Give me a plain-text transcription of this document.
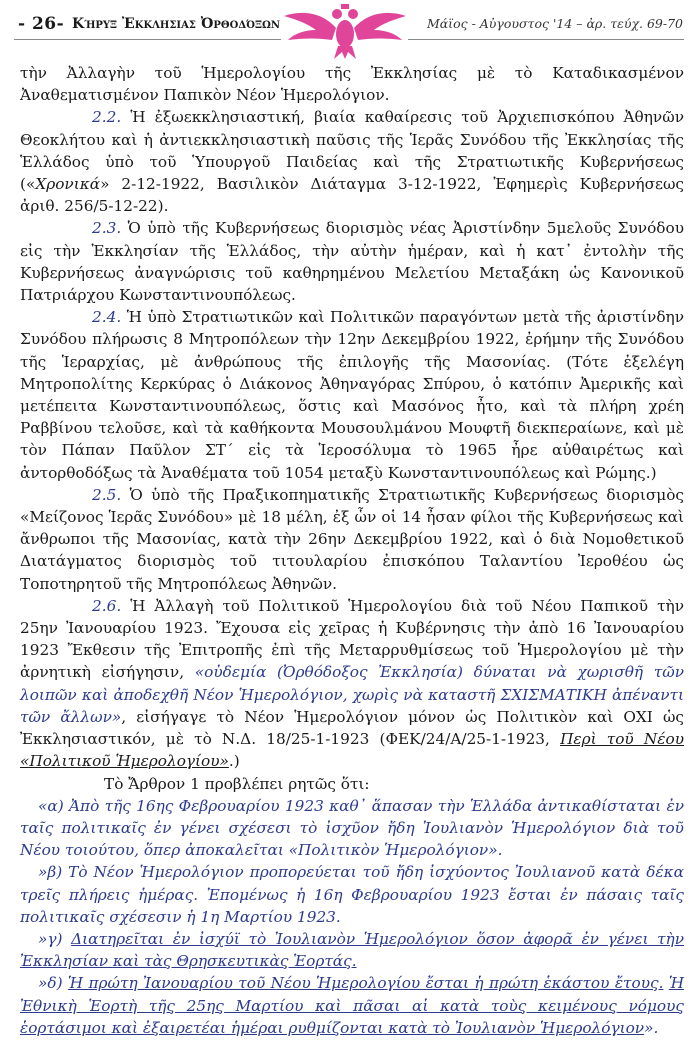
- 26- Κήρυξ Ἐκκλησιας Ὀρθοδόξων	Μάϊος - Αὐγουστος '14 – ἀρ. τεύχ. 69-70

τὴν Ἀλλαγὴν τοῦ Ἡμερολογίου τῆς Ἐκκλησίας μὲ τὸ Καταδικασμένον Ἀναθεματισμένον Παπικὸν Νέον Ἡμερολόγιον.

2.2. Ἡ ἐξωεκκλησιαστική, βιαία καθαίρεσις τοῦ Ἀρχιεπισκόπου Ἀθηνῶν Θεοκλήτου καὶ ἡ ἀντιεκκλησιαστικὴ παῦσις τῆς Ἱερᾶς Συνόδου τῆς Ἐκκλησίας τῆς Ἑλλάδος ὑπὸ τοῦ Ὑπουργοῦ Παιδείας καὶ τῆς Στρατιωτικῆς Κυβερνήσεως («Χρονικά» 2-12-1922, Βασιλικὸν Διάταγμα 3-12-1922, Ἐφημερὶς Κυβερνήσεως ἀριθ. 256/5-12-22).

2.3. Ὁ ὑπὸ τῆς Κυβερνήσεως διορισμὸς νέας Ἀριστίνδην 5μελοῦς Συνόδου εἰς τὴν Ἐκκλησίαν τῆς Ἑλλάδος, τὴν αὐτὴν ἡμέραν, καὶ ἡ κατ᾽ ἐντολὴν τῆς Κυβερνήσεως ἀναγνώρισις τοῦ καθηρημένου Μελετίου Μεταξάκη ὡς Κανονικοῦ Πατριάρχου Κωνσταντινουπόλεως.

2.4. Ἡ ὑπὸ Στρατιωτικῶν καὶ Πολιτικῶν παραγόντων μετὰ τῆς ἀριστίνδην Συνόδου πλήρωσις 8 Μητροπόλεων τὴν 12ην Δεκεμβρίου 1922, ἐρήμην τῆς Συνόδου τῆς Ἱεραρχίας, μὲ ἀνθρώπους τῆς ἐπιλογῆς τῆς Μασονίας. (Τότε ἐξελέγη Μητροπολίτης Κερκύρας ὁ Διάκονος Ἀθηναγόρας Σπύρου, ὁ κατόπιν Ἀμερικῆς καὶ μετέπειτα Κωνσταντινουπόλεως, ὅστις καὶ Μασόνος ἦτο, καὶ τὰ πλήρη χρέη Ραββίνου τελοῦσε, καὶ τὰ καθήκοντα Μουσουλμάνου Μουφτῆ διεκπεραίωνε, καὶ μὲ τὸν Πάπαν Παῦλον ΣΤ´ εἰς τὰ Ἱεροσόλυμα τὸ 1965 ἦρε αὐθαιρέτως καὶ ἀντορθοδόξως τὰ Ἀναθέματα τοῦ 1054 μεταξὺ Κωνσταντινουπόλεως καὶ Ρώμης.)

2.5. Ὁ ὑπὸ τῆς Πραξικοπηματικῆς Στρατιωτικῆς Κυβερνήσεως διορισμὸς «Μείζονος Ἱερᾶς Συνόδου» μὲ 18 μέλη, ἐξ ὧν οἱ 14 ἦσαν φίλοι τῆς Κυβερνήσεως καὶ ἄνθρωποι τῆς Μασονίας, κατὰ τὴν 26ην Δεκεμβρίου 1922, καὶ ὁ διὰ Νομοθετικοῦ Διατάγματος διορισμὸς τοῦ τιτουλαρίου ἐπισκόπου Ταλαντίου Ἰεροθέου ὡς Τοποτηρητοῦ τῆς Μητροπόλεως Ἀθηνῶν.

2.6. Ἡ Ἀλλαγὴ τοῦ Πολιτικοῦ Ἡμερολογίου διὰ τοῦ Νέου Παπικοῦ τὴν 25ην Ἰανουαρίου 1923. Ἔχουσα εἰς χεῖρας ἡ Κυβέρνησις τὴν ἀπὸ 16 Ἰανουαρίου 1923 Ἔκθεσιν τῆς Ἐπιτροπῆς ἐπὶ τῆς Μεταρρυθμίσεως τοῦ Ἡμερολογίου μὲ τὴν ἀρνητικὴ εἰσήγησιν, «οὐδεμία (Ὀρθόδοξος Ἐκκλησία) δύναται νὰ χωρισθῆ τῶν λοιπῶν καὶ ἀποδεχθῆ Νέον Ἡμερολόγιον, χωρὶς νὰ καταστῆ ΣΧΙΣΜΑΤΙΚΗ ἀπέναντι τῶν ἄλλων», εἰσήγαγε τὸ Νέον Ἡμερολόγιον μόνον ὡς Πολιτικὸν καὶ ΟΧΙ ὡς Ἐκκλησιαστικόν, μὲ τὸ Ν.Δ. 18/25-1-1923 (ΦΕΚ/24/Α/25-1-1923, Περὶ τοῦ Νέου «Πολιτικοῦ Ἡμερολογίου».)

Τὸ Ἄρθρον 1 προβλέπει ρητῶς ὅτι:

«α) Ἀπὸ τῆς 16ης Φεβρουαρίου 1923 καθ᾽ ἅπασαν τὴν Ἑλλάδα ἀντικαθίσταται ἐν ταῖς πολιτικαῖς ἐν γένει σχέσεσι τὸ ἰσχῦον ἤδη Ἰουλιανὸν Ἡμερολόγιον διὰ τοῦ Νέου τοιούτου, ὅπερ ἀποκαλεῖται «Πολιτικὸν Ἡμερολόγιον».

»β) Τὸ Νέον Ἡμερολόγιον προπορεύεται τοῦ ἤδη ἰσχύοντος Ἰουλιανοῦ κατὰ δέκα τρεῖς πλήρεις ἡμέρας. Ἐπομένως ἡ 16η Φεβρουαρίου 1923 ἔσται ἐν πάσαις ταῖς πολιτικαῖς σχέσεσιν ἡ 1η Μαρτίου 1923.

»γ) Διατηρεῖται ἐν ἰσχύϊ τὸ Ἰουλιανὸν Ἡμερολόγιον ὅσον ἀφορᾶ ἐν γένει τὴν Ἐκκλησίαν καὶ τὰς Θρησκευτικὰς Ἑορτάς.

»δ) Ἡ πρώτη Ἰανουαρίου τοῦ Νέου Ἡμερολογίου ἔσται ἡ πρώτη ἑκάστου ἔτους. Ἡ Ἐθνικὴ Ἑορτὴ τῆς 25ης Μαρτίου καὶ πᾶσαι αἱ κατὰ τοὺς κειμένους νόμους ἑορτάσιμοι καὶ ἐξαιρετέαι ἡμέραι ρυθμίζονται κατὰ τὸ Ἰουλιανὸν Ἡμερολόγιον».
